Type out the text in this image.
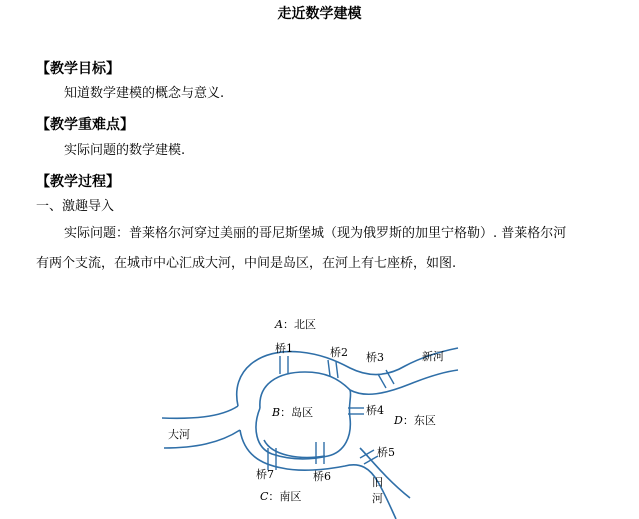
走近数学建模
【教学目标】
知道数学建模的概念与意义.
【教学重难点】
实际问题的数学建模.
【教学过程】
一、激趣导入
实际问题：普莱格尔河穿过美丽的哥尼斯堡城（现为俄罗斯的加里宁格勒）. 普莱格尔河
有两个支流，在城市中心汇成大河，中间是岛区，在河上有七座桥，如图.
A：北区
B：岛区
C：南区
D：东区
桥1	桥2 桥3
桥4
桥5
桥6
桥7
大河
新河
旧
河
